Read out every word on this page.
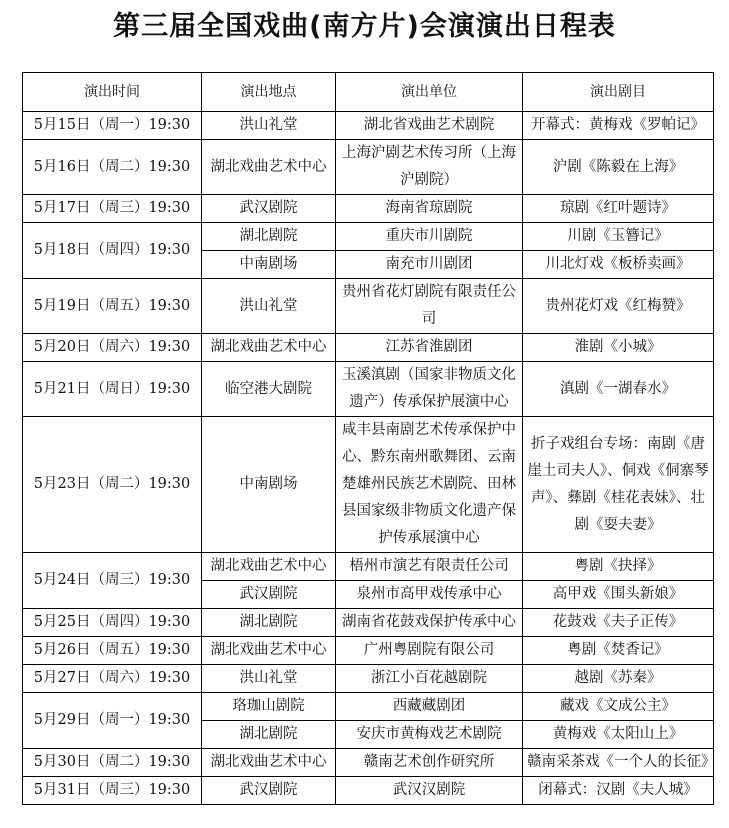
第三届全国戏曲(南方片)会演演出日程表
演出时间	演出地点	演出单位	演出剧目
5月15日（周一）19:30	洪山礼堂	湖北省戏曲艺术剧院	开幕式：黄梅戏《罗帕记》
5月16日（周二）19:30	湖北戏曲艺术中心	上海沪剧艺术传习所（上海沪剧院）	沪剧《陈毅在上海》
5月17日（周三）19:30	武汉剧院	海南省琼剧院	琼剧《红叶题诗》
5月18日（周四）19:30	湖北剧院	重庆市川剧院	川剧《玉簪记》
	中南剧场	南充市川剧团	川北灯戏《板桥卖画》
5月19日（周五）19:30	洪山礼堂	贵州省花灯剧院有限责任公司	贵州花灯戏《红梅赞》
5月20日（周六）19:30	湖北戏曲艺术中心	江苏省淮剧团	淮剧《小城》
5月21日（周日）19:30	临空港大剧院	玉溪滇剧（国家非物质文化遗产）传承保护展演中心	滇剧《一湖春水》
5月23日（周二）19:30	中南剧场	咸丰县南剧艺术传承保护中心、黔东南州歌舞团、云南楚雄州民族艺术剧院、田林县国家级非物质文化遗产保护传承展演中心	折子戏组台专场：南剧《唐崖土司夫人》、侗戏《侗寨琴声》、彝剧《桂花表妹》、壮剧《耍夫妻》
5月24日（周三）19:30	湖北戏曲艺术中心	梧州市演艺有限责任公司	粤剧《抉择》
	武汉剧院	泉州市高甲戏传承中心	高甲戏《围头新娘》
5月25日（周四）19:30	湖北剧院	湖南省花鼓戏保护传承中心	花鼓戏《夫子正传》
5月26日（周五）19:30	湖北戏曲艺术中心	广州粤剧院有限公司	粤剧《焚香记》
5月27日（周六）19:30	洪山礼堂	浙江小百花越剧院	越剧《苏秦》
5月29日（周一）19:30	珞珈山剧院	西藏藏剧团	藏戏《文成公主》
	湖北剧院	安庆市黄梅戏艺术剧院	黄梅戏《太阳山上》
5月30日（周二）19:30	湖北戏曲艺术中心	赣南艺术创作研究所	赣南采茶戏《一个人的长征》
5月31日（周三）19:30	武汉剧院	武汉汉剧院	闭幕式：汉剧《夫人城》
